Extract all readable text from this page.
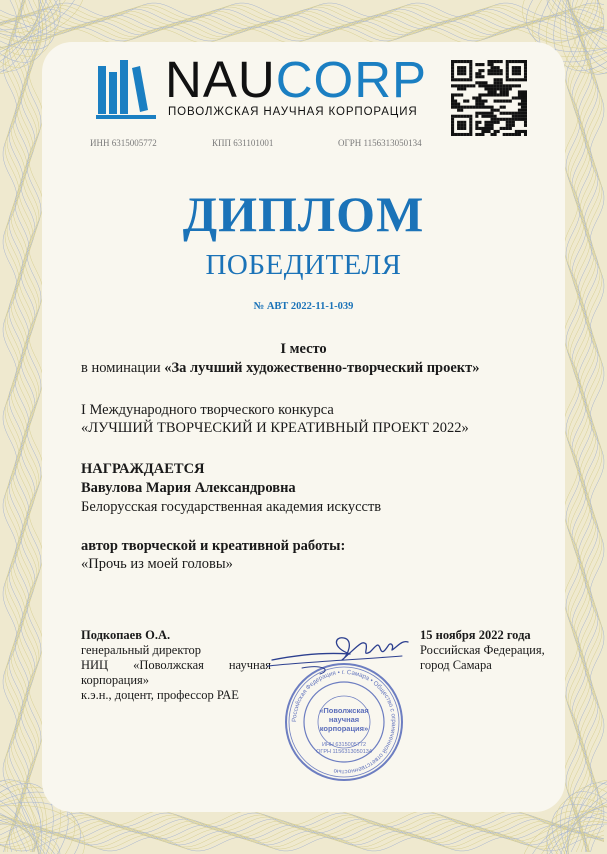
NAUCORP
ПОВОЛЖСКАЯ НАУЧНАЯ КОРПОРАЦИЯ
ИНН 6315005772	КПП 631101001	ОГРН 1156313050134
ДИПЛОМ
ПОБЕДИТЕЛЯ
№ АВТ 2022-11-1-039
I место
в номинации «За лучший художественно-творческий проект»
I Международного творческого конкурса
«ЛУЧШИЙ ТВОРЧЕСКИЙ И КРЕАТИВНЫЙ ПРОЕКТ 2022»
НАГРАЖДАЕТСЯ
Вавулова Мария Александровна
Белорусская государственная академия искусств
автор творческой и креативной работы:
«Прочь из моей головы»
Подкопаев О.А.
генеральный директор
НИЦ «Поволжская научная
корпорация»
к.э.н., доцент, профессор РАЕ
15 ноября 2022 года
Российская Федерация,
город Самара
Российская Федерация • г. Самара • Общество с ограниченной ответственностью
«Поволжская научная корпорация»
ИНН 6315005772
ОГРН 1156313050134
